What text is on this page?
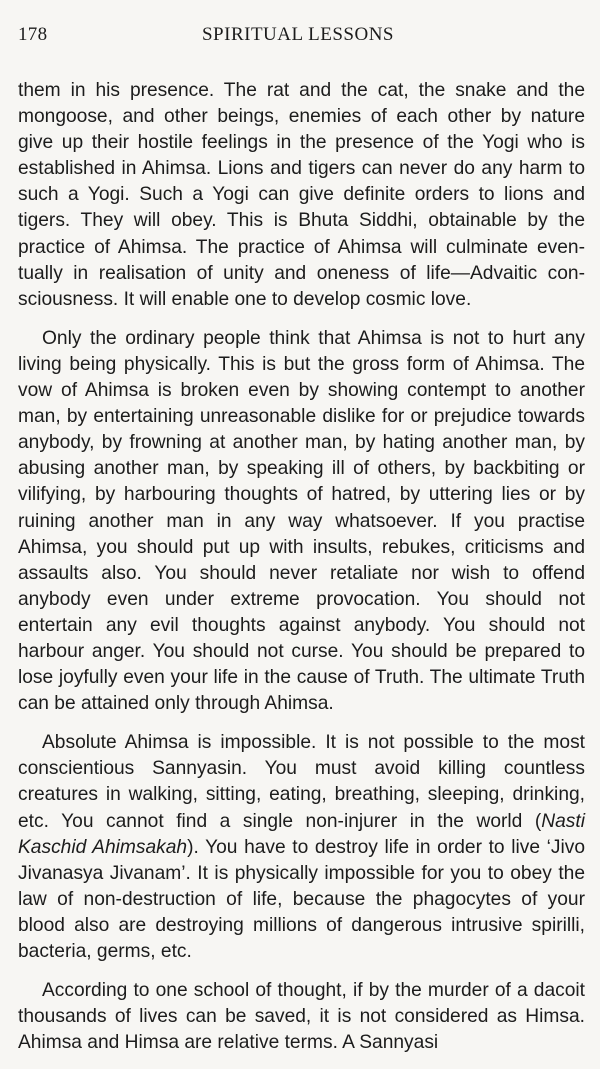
178	SPIRITUAL LESSONS

them in his presence. The rat and the cat, the snake and the mongoose, and other beings, enemies of each other by nature give up their hostile feelings in the presence of the Yogi who is established in Ahimsa. Lions and tigers can never do any harm to such a Yogi. Such a Yogi can give definite orders to lions and tigers. They will obey. This is Bhuta Siddhi, obtainable by the practice of Ahimsa. The practice of Ahimsa will culminate eventually in realisation of unity and oneness of life—Advaitic consciousness. It will enable one to develop cosmic love.

Only the ordinary people think that Ahimsa is not to hurt any living being physically. This is but the gross form of Ahimsa. The vow of Ahimsa is broken even by showing contempt to another man, by entertaining unreasonable dislike for or prejudice towards anybody, by frowning at another man, by hating another man, by abusing another man, by speaking ill of others, by backbiting or vilifying, by harbouring thoughts of hatred, by uttering lies or by ruining another man in any way whatsoever. If you practise Ahimsa, you should put up with insults, rebukes, criticisms and assaults also. You should never retaliate nor wish to offend anybody even under extreme provocation. You should not entertain any evil thoughts against anybody. You should not harbour anger. You should not curse. You should be prepared to lose joyfully even your life in the cause of Truth. The ultimate Truth can be attained only through Ahimsa.

Absolute Ahimsa is impossible. It is not possible to the most conscientious Sannyasin. You must avoid killing countless creatures in walking, sitting, eating, breathing, sleeping, drinking, etc. You cannot find a single non-injurer in the world (Nasti Kaschid Ahimsakah). You have to destroy life in order to live ‘Jivo Jivanasya Jivanam’. It is physically impossible for you to obey the law of non-destruction of life, because the phagocytes of your blood also are destroying millions of dangerous intrusive spirilli, bacteria, germs, etc.

According to one school of thought, if by the murder of a dacoit thousands of lives can be saved, it is not considered as Himsa. Ahimsa and Himsa are relative terms. A Sannyasi
